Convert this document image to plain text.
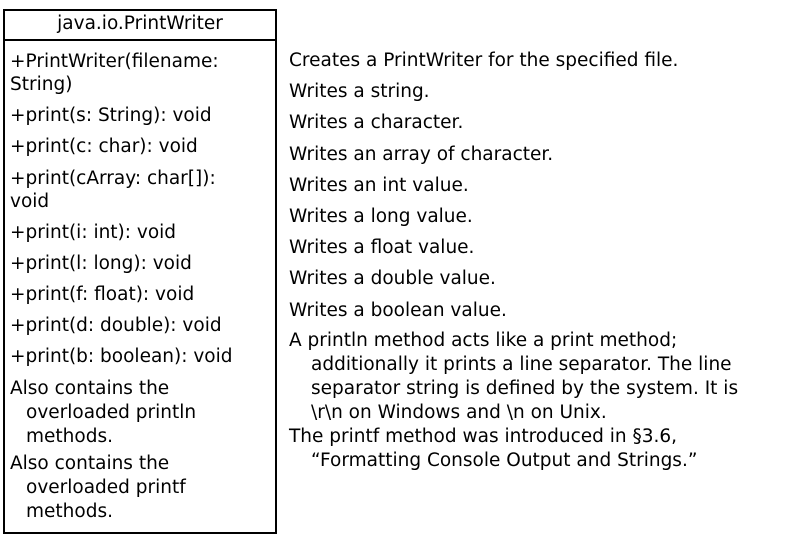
java.io.PrintWriter
+PrintWriter(filename:
String)
+print(s: String): void
+print(c: char): void
+print(cArray: char[]):
void
+print(i: int): void
+print(l: long): void
+print(f: float): void
+print(d: double): void
+print(b: boolean): void
Also contains the
overloaded println
methods.
Also contains the
overloaded printf
methods.
Creates a PrintWriter for the specified file.
Writes a string.
Writes a character.
Writes an array of character.
Writes an int value.
Writes a long value.
Writes a float value.
Writes a double value.
Writes a boolean value.
A println method acts like a print method;
additionally it prints a line separator. The line
separator string is defined by the system. It is
\r\n on Windows and \n on Unix.
The printf method was introduced in §3.6,
“Formatting Console Output and Strings.”
